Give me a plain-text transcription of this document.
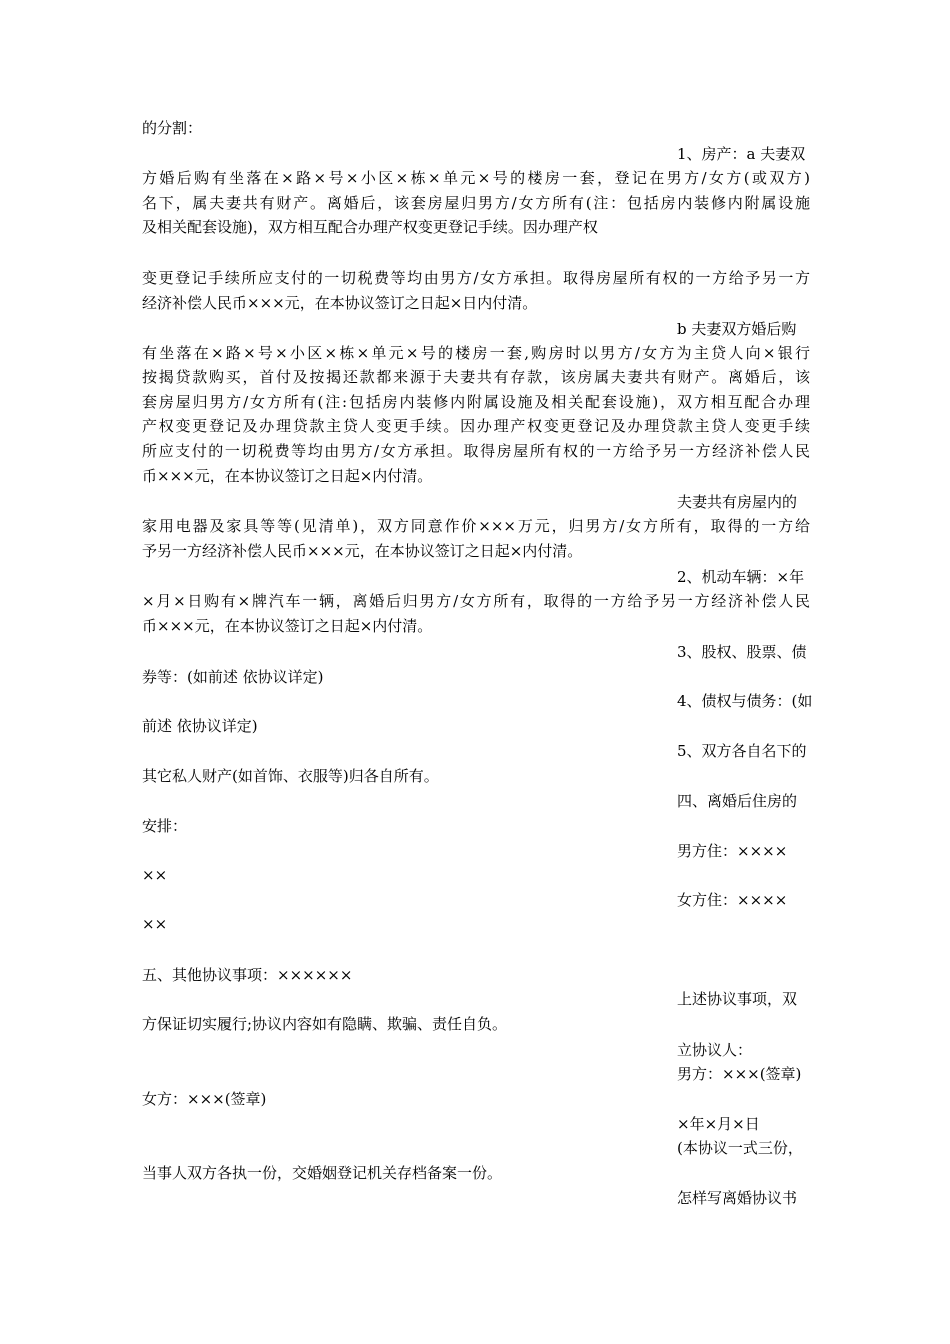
的分割：
1、房产：a 夫妻双
方婚后购有坐落在×路×号×小区×栋×单元×号的楼房一套，登记在男方/女方(或双方)
名下，属夫妻共有财产。离婚后，该套房屋归男方/女方所有(注：包括房内装修内附属设施
及相关配套设施)，双方相互配合办理产权变更登记手续。因办理产权
变更登记手续所应支付的一切税费等均由男方/女方承担。取得房屋所有权的一方给予另一方
经济补偿人民币×××元，在本协议签订之日起×日内付清。
b 夫妻双方婚后购
有坐落在×路×号×小区×栋×单元×号的楼房一套,购房时以男方/女方为主贷人向×银行
按揭贷款购买，首付及按揭还款都来源于夫妻共有存款，该房属夫妻共有财产。离婚后，该
套房屋归男方/女方所有(注:包括房内装修内附属设施及相关配套设施)，双方相互配合办理
产权变更登记及办理贷款主贷人变更手续。因办理产权变更登记及办理贷款主贷人变更手续
所应支付的一切税费等均由男方/女方承担。取得房屋所有权的一方给予另一方经济补偿人民
币×××元，在本协议签订之日起×内付清。
夫妻共有房屋内的
家用电器及家具等等(见清单)，双方同意作价×××万元，归男方/女方所有，取得的一方给
予另一方经济补偿人民币×××元，在本协议签订之日起×内付清。
2、机动车辆：×年
×月×日购有×牌汽车一辆，离婚后归男方/女方所有，取得的一方给予另一方经济补偿人民
币×××元，在本协议签订之日起×内付清。
3、股权、股票、债
券等：(如前述 依协议详定)
4、债权与债务：(如
前述 依协议详定)
5、双方各自名下的
其它私人财产(如首饰、衣服等)归各自所有。
四、离婚后住房的
安排：
男方住：××××
××
女方住：××××
××
五、其他协议事项：××××××
上述协议事项，双
方保证切实履行;协议内容如有隐瞒、欺骗、责任自负。
立协议人：
男方：×××(签章)
女方：×××(签章)
×年×月×日
(本协议一式三份，
当事人双方各执一份，交婚姻登记机关存档备案一份。
怎样写离婚协议书
